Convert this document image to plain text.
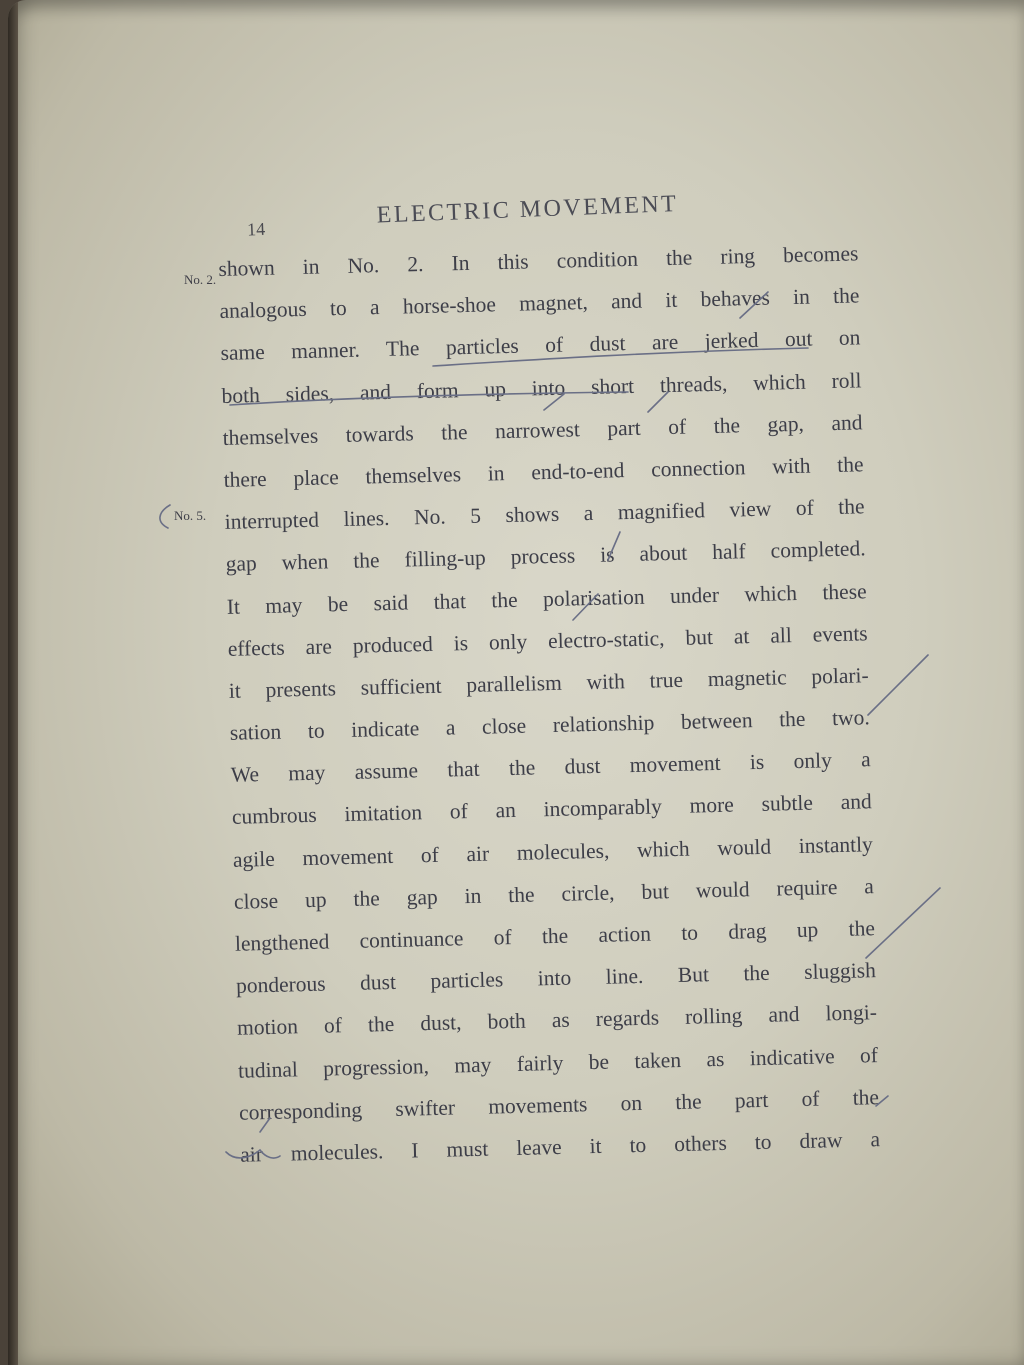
14
ELECTRIC MOVEMENT
No. 2.
No. 5.
shown in No. 2. In this condition the ring becomes
analogous to a horse-shoe magnet, and it behaves in the
same manner. The particles of dust are jerked out on
both sides, and form up into short threads, which roll
themselves towards the narrowest part of the gap, and
there place themselves in end-to-end connection with the
interrupted lines. No. 5 shows a magnified view of the
gap when the filling-up process is about half completed.
It may be said that the polarisation under which these
effects are produced is only electro-static, but at all events
it presents sufficient parallelism with true magnetic polari-
sation to indicate a close relationship between the two.
We may assume that the dust movement is only a
cumbrous imitation of an incomparably more subtle and
agile movement of air molecules, which would instantly
close up the gap in the circle, but would require a
lengthened continuance of the action to drag up the
ponderous dust particles into line. But the sluggish
motion of the dust, both as regards rolling and longi-
tudinal progression, may fairly be taken as indicative of
corresponding swifter movements on the part of the
air molecules. I must leave it to others to draw a
